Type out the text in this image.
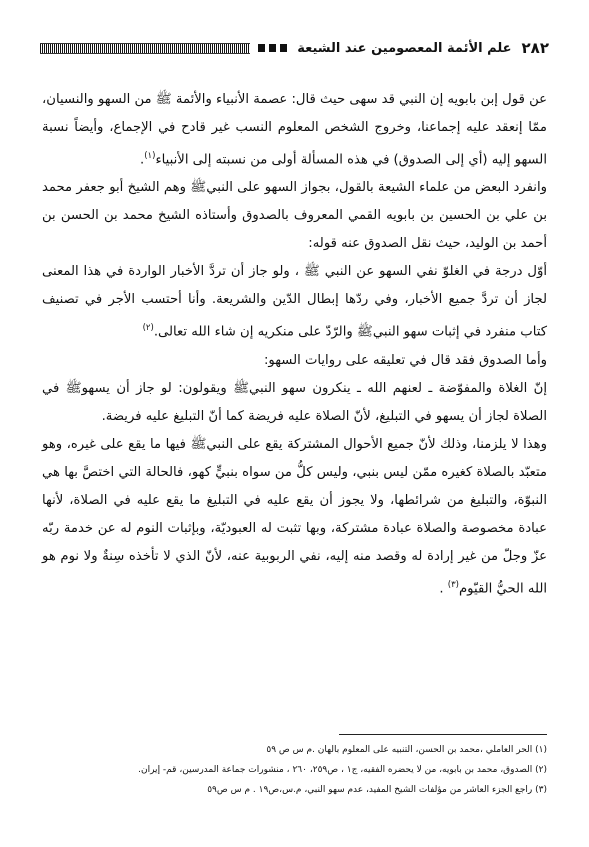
٢٨٢
علم الأئمة المعصومين عند الشيعة

عن قول إبن بابويه إن النبي قد سهى حيث قال: عصمة الأنبياء والأئمة ﷺ من السهو والنسيان، ممّا إنعقد عليه إجماعنا، وخروج الشخص المعلوم النسب غير قادح في الإجماع، وأيضاً نسبة السهو إليه (أي إلى الصدوق) في هذه المسألة أولى من نسبته إلى الأنبياء$^{(١)}$.

وانفرد البعض من علماء الشيعة بالقول، بجواز السهو على النبيﷺ وهم الشيخ أبو جعفر محمد بن علي بن الحسين بن بابويه القمي المعروف بالصدوق وأستاذه الشيخ محمد بن الحسن بن أحمد بن الوليد، حيث نقل الصدوق عنه قوله:

أوّل درجة في الغلوّ نفي السهو عن النبي ﷺ ، ولو جاز أن تردَّ الأخبار الواردة في هذا المعنى لجاز أن تردَّ جميع الأخبار، وفي ردّها إبطال الدّين والشريعة. وأنا أحتسب الأجر في تصنيف كتاب منفرد في إثبات سهو النبيﷺ والرّدّ على منكريه إن شاء الله تعالى.$^{(٢)}$

وأما الصدوق فقد قال في تعليقه على روايات السهو:

إنّ الغلاة والمفوّضة ـ لعنهم الله ـ ينكرون سهو النبيﷺ ويقولون: لو جاز أن يسهوﷺ في الصلاة لجاز أن يسهو في التبليغ، لأنّ الصلاة عليه فريضة كما أنّ التبليغ عليه فريضة.

وهذا لا يلزمنا، وذلك لأنّ جميع الأحوال المشتركة يقع على النبيﷺ فيها ما يقع على غيره، وهو متعبّد بالصلاة كغيره ممّن ليس بنبي، وليس كلُّ من سواه بنبيٍّ كهو، فالحالة التي اختصَّ بها هي النبوّة، والتبليغ من شرائطها، ولا يجوز أن يقع عليه في التبليغ ما يقع عليه في الصلاة، لأنها عبادة مخصوصة والصلاة عبادة مشتركة، وبها تثبت له العبوديّة، وبإثبات النوم له عن خدمة ربّه عزّ وجلّ من غير إرادة له وقصد منه إليه، نفي الربوبية عنه، لأنّ الذي لا تأخذه سِنةٌ ولا نوم هو الله الحيُّ القيّوم$^{(٣)}$ .

(١) الحر العاملي ،محمد بن الحسن، التنبيه على المعلوم بالهان .م س ص ٥٩

(٢) الصدوق، محمد بن بابويه، من لا يحضره الفقيه، ج١ ، ص٢٥٩، ٢٦٠ ، منشورات جماعة المدرسين، قم- إيران.

(٣) راجع الجزء العاشر من مؤلفات الشيخ المفيد، عدم سهو النبي، م.س،ص١٩ . م س ص٥٩
